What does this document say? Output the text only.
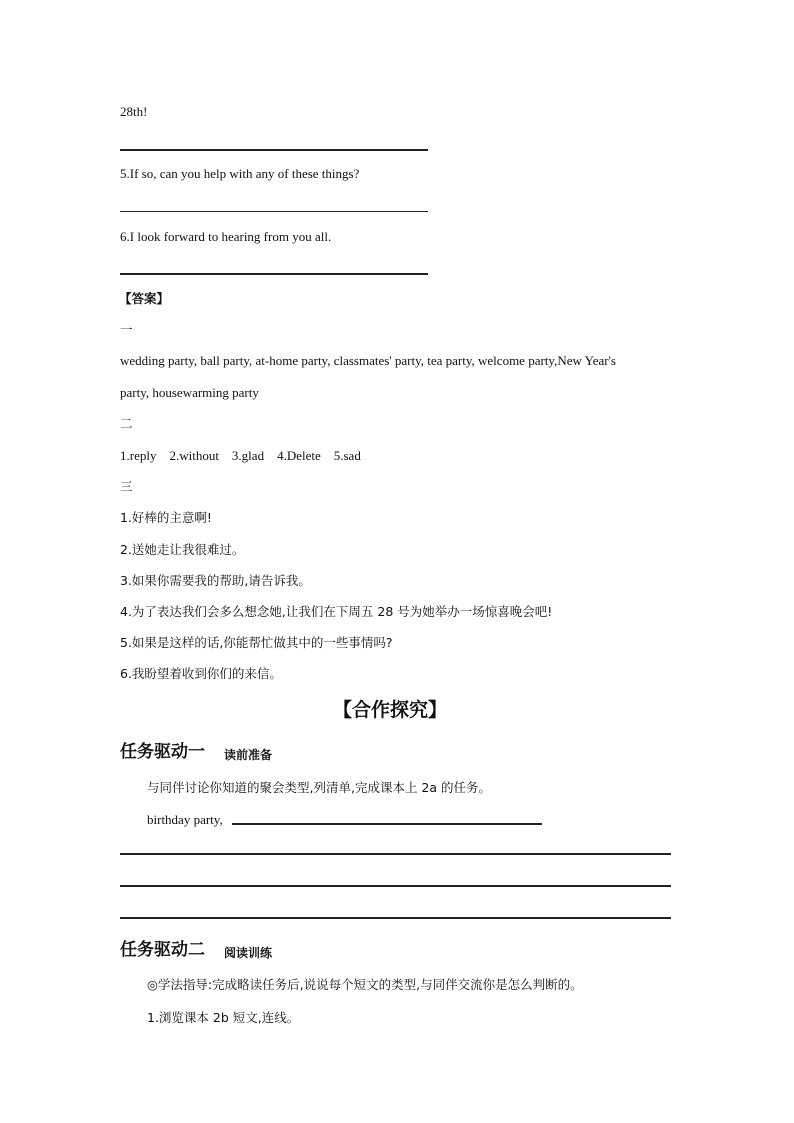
28th!
5.If so, can you help with any of these things?
6.I look forward to hearing from you all.
【答案】
一
wedding party, ball party, at-home party, classmates' party, tea party, welcome party,New Year's
party, housewarming party
二
1.reply    2.without    3.glad    4.Delete    5.sad
三
1.好棒的主意啊!
2.送她走让我很难过。
3.如果你需要我的帮助,请告诉我。
4.为了表达我们会多么想念她,让我们在下周五 28 号为她举办一场惊喜晚会吧!
5.如果是这样的话,你能帮忙做其中的一些事情吗?
6.我盼望着收到你们的来信。
【合作探究】
任务驱动一 读前准备
与同伴讨论你知道的聚会类型,列清单,完成课本上 2a 的任务。
birthday party,
任务驱动二 阅读训练
◎学法指导:完成略读任务后,说说每个短文的类型,与同伴交流你是怎么判断的。
1.浏览课本 2b 短文,连线。
